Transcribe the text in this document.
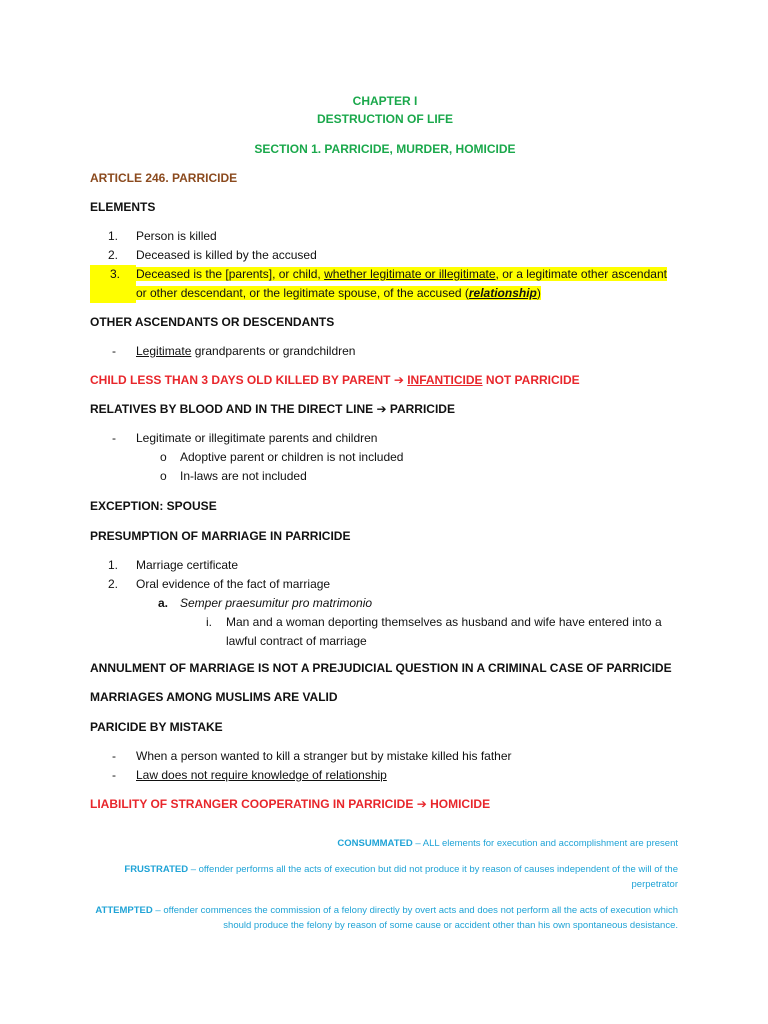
CHAPTER I
DESTRUCTION OF LIFE
SECTION 1. PARRICIDE, MURDER, HOMICIDE
ARTICLE 246. PARRICIDE
ELEMENTS
1. Person is killed
2. Deceased is killed by the accused
3.	Deceased is the [parents], or child, whether legitimate or illegitimate, or a legitimate other ascendant or other descendant, or the legitimate spouse, of the accused (relationship)
OTHER ASCENDANTS OR DESCENDANTS
- Legitimate grandparents or grandchildren
CHILD LESS THAN 3 DAYS OLD KILLED BY PARENT ➔ INFANTICIDE NOT PARRICIDE
RELATIVES BY BLOOD AND IN THE DIRECT LINE ➔ PARRICIDE
- Legitimate or illegitimate parents and children
o Adoptive parent or children is not included
o In-laws are not included
EXCEPTION: SPOUSE
PRESUMPTION OF MARRIAGE IN PARRICIDE
1. Marriage certificate
2. Oral evidence of the fact of marriage
a. Semper praesumitur pro matrimonio
i.	Man and a woman deporting themselves as husband and wife have entered into a lawful contract of marriage
ANNULMENT OF MARRIAGE IS NOT A PREJUDICIAL QUESTION IN A CRIMINAL CASE OF PARRICIDE
MARRIAGES AMONG MUSLIMS ARE VALID
PARICIDE BY MISTAKE
- When a person wanted to kill a stranger but by mistake killed his father
- Law does not require knowledge of relationship
LIABILITY OF STRANGER COOPERATING IN PARRICIDE ➔ HOMICIDE
CONSUMMATED – ALL elements for execution and accomplishment are present
FRUSTRATED – offender performs all the acts of execution but did not produce it by reason of causes independent of the will of the perpetrator
ATTEMPTED – offender commences the commission of a felony directly by overt acts and does not perform all the acts of execution which should produce the felony by reason of some cause or accident other than his own spontaneous desistance.
